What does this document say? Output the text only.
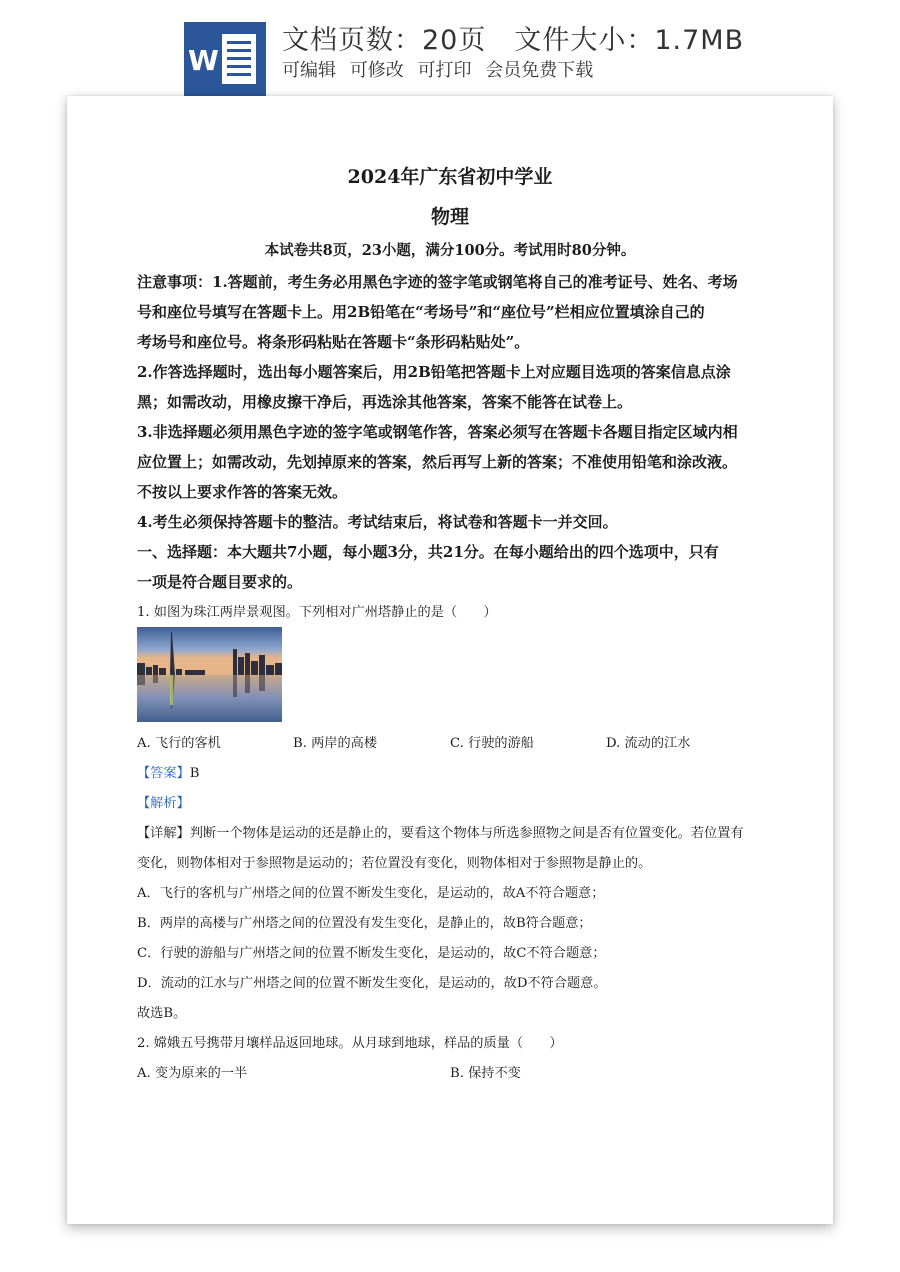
W
文档页数：20页 文件大小：1.7MB
可编辑 可修改 可打印 会员免费下载
2024年广东省初中学业
物理
本试卷共8页，23小题，满分100分。考试用时80分钟。
注意事项：1.答题前，考生务必用黑色字迹的签字笔或钢笔将自己的准考证号、姓名、考场
号和座位号填写在答题卡上。用2B铅笔在“考场号”和“座位号”栏相应位置填涂自己的
考场号和座位号。将条形码粘贴在答题卡“条形码粘贴处”。
2.作答选择题时，选出每小题答案后，用2B铅笔把答题卡上对应题目选项的答案信息点涂
黑；如需改动，用橡皮擦干净后，再选涂其他答案，答案不能答在试卷上。
3.非选择题必须用黑色字迹的签字笔或钢笔作答，答案必须写在答题卡各题目指定区域内相
应位置上；如需改动，先划掉原来的答案，然后再写上新的答案；不准使用铅笔和涂改液。
不按以上要求作答的答案无效。
4.考生必须保持答题卡的整洁。考试结束后，将试卷和答题卡一并交回。
一、选择题：本大题共7小题，每小题3分，共21分。在每小题给出的四个选项中，只有
一项是符合题目要求的。
1. 如图为珠江两岸景观图。下列相对广州塔静止的是（　　）
A. 飞行的客机	B. 两岸的高楼	C. 行驶的游船	D. 流动的江水
【答案】B
【解析】
【详解】判断一个物体是运动的还是静止的，要看这个物体与所选参照物之间是否有位置变化。若位置有
变化，则物体相对于参照物是运动的；若位置没有变化，则物体相对于参照物是静止的。
A．飞行的客机与广州塔之间的位置不断发生变化，是运动的，故A不符合题意；
B．两岸的高楼与广州塔之间的位置没有发生变化，是静止的，故B符合题意；
C．行驶的游船与广州塔之间的位置不断发生变化，是运动的，故C不符合题意；
D．流动的江水与广州塔之间的位置不断发生变化，是运动的，故D不符合题意。
故选B。
2. 嫦娥五号携带月壤样品返回地球。从月球到地球，样品的质量（　　）
A. 变为原来的一半	B. 保持不变
